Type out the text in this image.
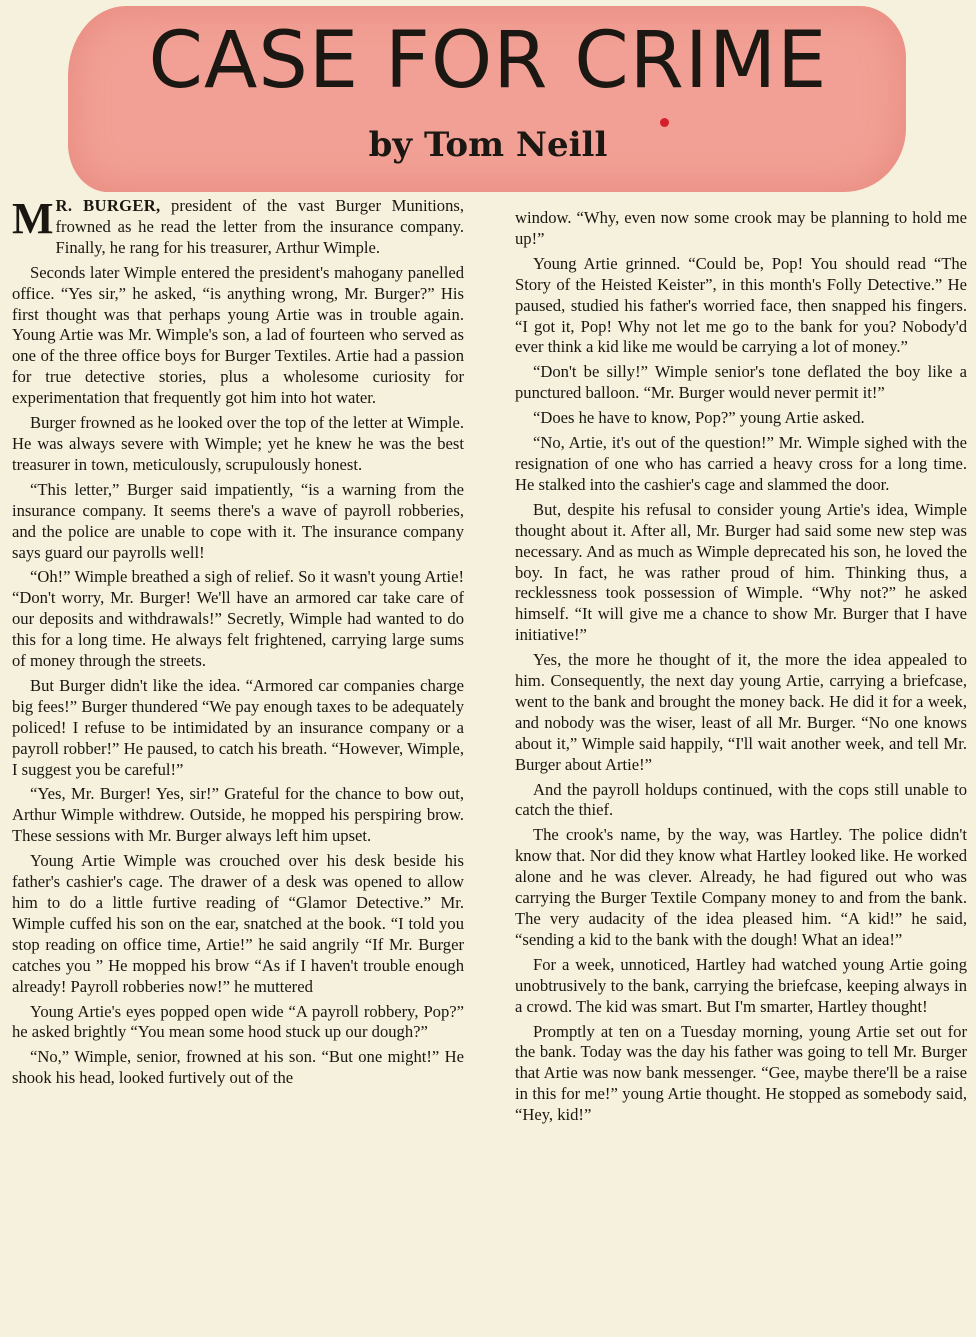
CASE FOR CRIME
by Tom Neill

M R. BURGER, president of the vast Burger Munitions, frowned as he read the letter from the insurance company. Finally, he rang for his treasurer, Arthur Wimple.

Seconds later Wimple entered the president's mahogany panelled office. “Yes sir,” he asked, “is anything wrong, Mr. Burger?” His first thought was that perhaps young Artie was in trouble again. Young Artie was Mr. Wimple's son, a lad of fourteen who served as one of the three office boys for Burger Textiles. Artie had a passion for true detective stories, plus a wholesome curiosity for experimentation that frequently got him into hot water.

Burger frowned as he looked over the top of the letter at Wimple. He was always severe with Wimple; yet he knew he was the best treasurer in town, meticulously, scrupulously honest.

“This letter,” Burger said impatiently, “is a warning from the insurance company. It seems there's a wave of payroll robberies, and the police are unable to cope with it. The insurance company says guard our payrolls well!

“Oh!” Wimple breathed a sigh of relief. So it wasn't young Artie! “Don't worry, Mr. Burger! We'll have an armored car take care of our deposits and withdrawals!” Secretly, Wimple had wanted to do this for a long time. He always felt frightened, carrying large sums of money through the streets.

But Burger didn't like the idea. “Armored car companies charge big fees!” Burger thundered “We pay enough taxes to be adequately policed! I refuse to be intimidated by an insurance company or a payroll robber!” He paused, to catch his breath. “However, Wimple, I suggest you be careful!”

“Yes, Mr. Burger! Yes, sir!” Grateful for the chance to bow out, Arthur Wimple withdrew. Outside, he mopped his perspiring brow. These sessions with Mr. Burger always left him upset.

Young Artie Wimple was crouched over his desk beside his father's cashier's cage. The drawer of a desk was opened to allow him to do a little furtive reading of “Glamor Detective.” Mr. Wimple cuffed his son on the ear, snatched at the book. “I told you stop reading on office time, Artie!” he said angrily “If Mr. Burger catches you ” He mopped his brow “As if I haven't trouble enough already! Payroll robberies now!” he muttered

Young Artie's eyes popped open wide “A payroll robbery, Pop?” he asked brightly “You mean some hood stuck up our dough?”

“No,” Wimple, senior, frowned at his son. “But one might!” He shook his head, looked furtively out of the

window. “Why, even now some crook may be planning to hold me up!”

Young Artie grinned. “Could be, Pop! You should read “The Story of the Heisted Keister”, in this month's Folly Detective.” He paused, studied his father's worried face, then snapped his fingers. “I got it, Pop! Why not let me go to the bank for you? Nobody'd ever think a kid like me would be carrying a lot of money.”

“Don't be silly!” Wimple senior's tone deflated the boy like a punctured balloon. “Mr. Burger would never permit it!”

“Does he have to know, Pop?” young Artie asked.

“No, Artie, it's out of the question!” Mr. Wimple sighed with the resignation of one who has carried a heavy cross for a long time. He stalked into the cashier's cage and slammed the door.

But, despite his refusal to consider young Artie's idea, Wimple thought about it. After all, Mr. Burger had said some new step was necessary. And as much as Wimple deprecated his son, he loved the boy. In fact, he was rather proud of him. Thinking thus, a recklessness took possession of Wimple. “Why not?” he asked himself. “It will give me a chance to show Mr. Burger that I have initiative!”

Yes, the more he thought of it, the more the idea appealed to him. Consequently, the next day young Artie, carrying a briefcase, went to the bank and brought the money back. He did it for a week, and nobody was the wiser, least of all Mr. Burger. “No one knows about it,” Wimple said happily, “I'll wait another week, and tell Mr. Burger about Artie!”

And the payroll holdups continued, with the cops still unable to catch the thief.

The crook's name, by the way, was Hartley. The police didn't know that. Nor did they know what Hartley looked like. He worked alone and he was clever. Already, he had figured out who was carrying the Burger Textile Company money to and from the bank. The very audacity of the idea pleased him. “A kid!” he said, “sending a kid to the bank with the dough! What an idea!”

For a week, unnoticed, Hartley had watched young Artie going unobtrusively to the bank, carrying the briefcase, keeping always in a crowd. The kid was smart. But I'm smarter, Hartley thought!

Promptly at ten on a Tuesday morning, young Artie set out for the bank. Today was the day his father was going to tell Mr. Burger that Artie was now bank messenger. “Gee, maybe there'll be a raise in this for me!” young Artie thought. He stopped as somebody said, “Hey, kid!”
